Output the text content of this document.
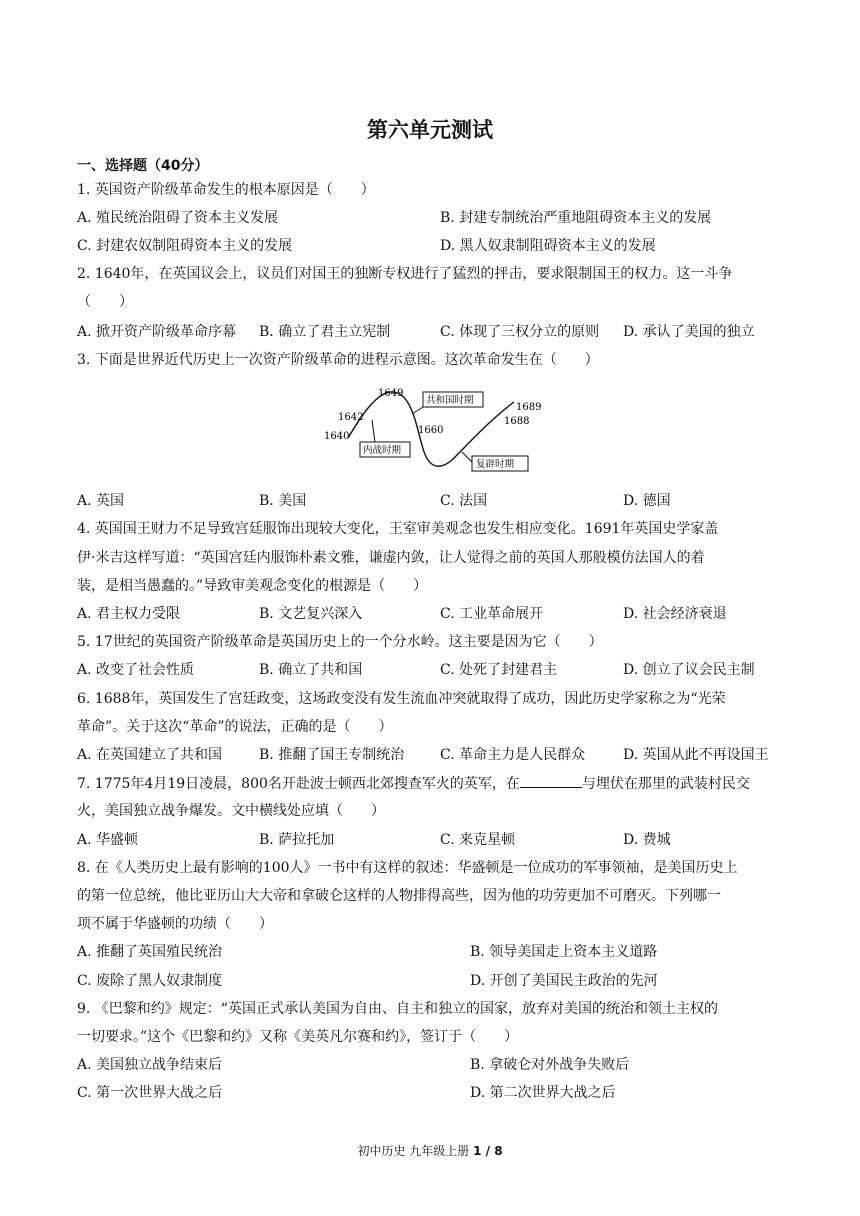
第六单元测试
一、选择题（40分）
1. 英国资产阶级革命发生的根本原因是（　　）
A. 殖民统治阻碍了资本主义发展	B. 封建专制统治严重地阻碍资本主义的发展
C. 封建农奴制阻碍资本主义的发展	D. 黑人奴隶制阻碍资本主义的发展
2. 1640年，在英国议会上，议员们对国王的独断专权进行了猛烈的抨击，要求限制国王的权力。这一斗争
（　　）
A. 掀开资产阶级革命序幕 B. 确立了君主立宪制	C. 体现了三权分立的原则 D. 承认了美国的独立
3. 下面是世界近代历史上一次资产阶级革命的进程示意图。这次革命发生在（　　）
1640
1642
1649
1660
1688
1689
共和国时期
内战时期
复辟时期
A. 英国	B. 美国	C. 法国	D. 德国
4. 英国国王财力不足导致宫廷服饰出现较大变化，王室审美观念也发生相应变化。1691年英国史学家盖
伊·米吉这样写道：“英国宫廷内服饰朴素文雅，谦虚内敛，让人觉得之前的英国人那般模仿法国人的着
装，是相当愚蠢的。”导致审美观念变化的根源是（　　）
A. 君主权力受限	B. 文艺复兴深入	C. 工业革命展开	D. 社会经济衰退
5. 17世纪的英国资产阶级革命是英国历史上的一个分水岭。这主要是因为它（　　）
A. 改变了社会性质	B. 确立了共和国	C. 处死了封建君主	D. 创立了议会民主制
6. 1688年，英国发生了宫廷政变，这场政变没有发生流血冲突就取得了成功，因此历史学家称之为“光荣
革命”。关于这次“革命”的说法，正确的是（　　）
A. 在英国建立了共和国	B. 推翻了国王专制统治	C. 革命主力是人民群众	D. 英国从此不再设国王
7. 1775年4月19日凌晨，800名开赴波士顿西北郊搜查军火的英军，在	与埋伏在那里的武装村民交
火，美国独立战争爆发。文中横线处应填（　　）
A. 华盛顿	B. 萨拉托加	C. 来克星顿	D. 费城
8. 在《人类历史上最有影响的100人》一书中有这样的叙述：华盛顿是一位成功的军事领袖，是美国历史上
的第一位总统，他比亚历山大大帝和拿破仑这样的人物排得高些，因为他的功劳更加不可磨灭。下列哪一
项不属于华盛顿的功绩（　　）
A. 推翻了英国殖民统治	B. 领导美国走上资本主义道路
C. 废除了黑人奴隶制度	D. 开创了美国民主政治的先河
9. 《巴黎和约》规定：“英国正式承认美国为自由、自主和独立的国家，放弃对美国的统治和领土主权的
一切要求。”这个《巴黎和约》又称《美英凡尔赛和约》，签订于（　　）
A. 美国独立战争结束后	B. 拿破仑对外战争失败后
C. 第一次世界大战之后	D. 第二次世界大战之后
初中历史 九年级上册 1 / 8
